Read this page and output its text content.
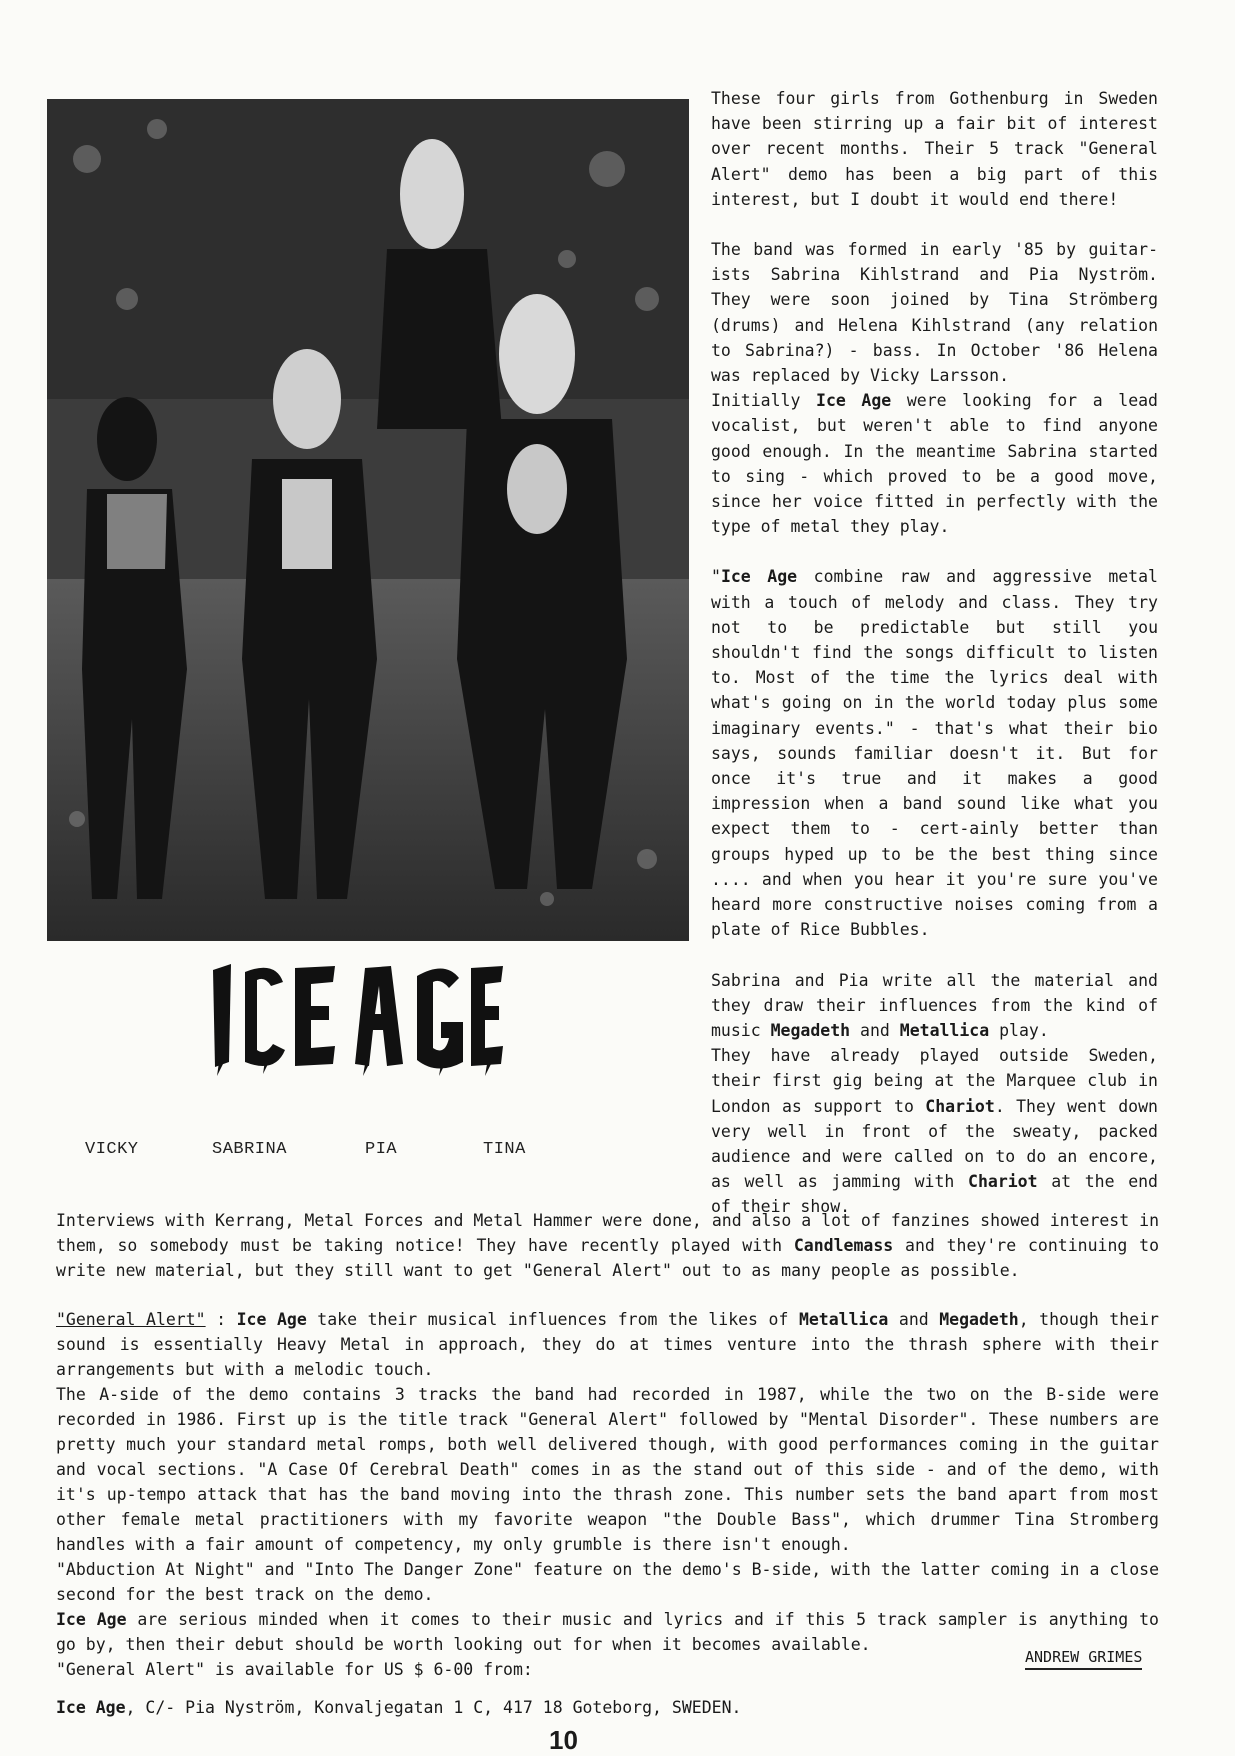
VICKY	SABRINA	PIA	TINA

These four girls from Gothenburg in Sweden have been stirring up a fair bit of interest over recent months. Their 5 track "General Alert" demo has been a big part of this interest, but I doubt it would end there!

The band was formed in early '85 by guitar-ists Sabrina Kihlstrand and Pia Nyström. They were soon joined by Tina Strömberg (drums) and Helena Kihlstrand (any relation to Sabrina?) - bass. In October '86 Helena was replaced by Vicky Larsson.

Initially Ice Age were looking for a lead vocalist, but weren't able to find anyone good enough. In the meantime Sabrina started to sing - which proved to be a good move, since her voice fitted in perfectly with the type of metal they play.

"Ice Age combine raw and aggressive metal with a touch of melody and class. They try not to be predictable but still you shouldn't find the songs difficult to listen to. Most of the time the lyrics deal with what's going on in the world today plus some imaginary events." - that's what their bio says, sounds familiar doesn't it. But for once it's true and it makes a good impression when a band sound like what you expect them to - cert-ainly better than groups hyped up to be the best thing since .... and when you hear it you're sure you've heard more constructive noises coming from a plate of Rice Bubbles.

Sabrina and Pia write all the material and they draw their influences from the kind of music Megadeth and Metallica play.

They have already played outside Sweden, their first gig being at the Marquee club in London as support to Chariot. They went down very well in front of the sweaty, packed audience and were called on to do an encore, as well as jamming with Chariot at the end of their show.

Interviews with Kerrang, Metal Forces and Metal Hammer were done, and also a lot of fanzines showed interest in them, so somebody must be taking notice! They have recently played with Candlemass and they're continuing to write new material, but they still want to get "General Alert" out to as many people as possible.

"General Alert" : Ice Age take their musical influences from the likes of Metallica and Megadeth, though their sound is essentially Heavy Metal in approach, they do at times venture into the thrash sphere with their arrangements but with a melodic touch.

The A-side of the demo contains 3 tracks the band had recorded in 1987, while the two on the B-side were recorded in 1986. First up is the title track "General Alert" followed by "Mental Disorder". These numbers are pretty much your standard metal romps, both well delivered though, with good performances coming in the guitar and vocal sections. "A Case Of Cerebral Death" comes in as the stand out of this side - and of the demo, with it's up-tempo attack that has the band moving into the thrash zone. This number sets the band apart from most other female metal practitioners with my favorite weapon "the Double Bass", which drummer Tina Stromberg handles with a fair amount of competency, my only grumble is there isn't enough.

"Abduction At Night" and "Into The Danger Zone" feature on the demo's B-side, with the latter coming in a close second for the best track on the demo.

Ice Age are serious minded when it comes to their music and lyrics and if this 5 track sampler is anything to go by, then their debut should be worth looking out for when it becomes available.

ANDREW GRIMES
"General Alert" is available for US $ 6-00 from:
Ice Age, C/- Pia Nyström, Konvaljegatan 1 C, 417 18 Goteborg, SWEDEN.
10
